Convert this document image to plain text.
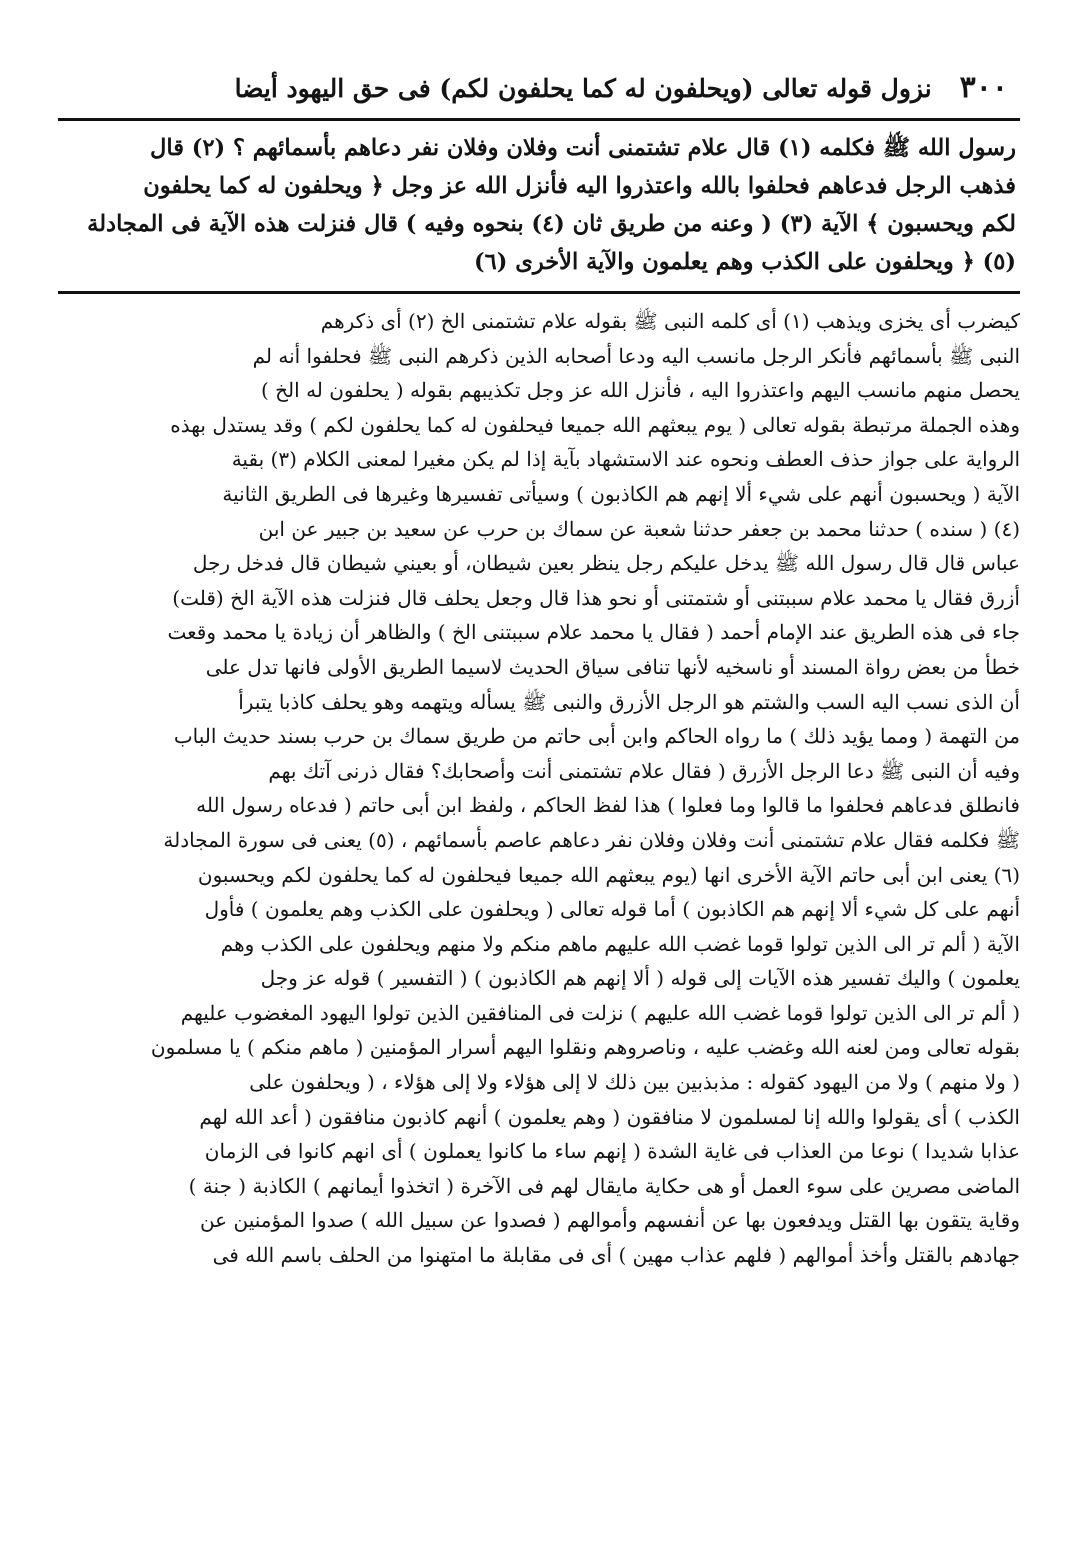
٣٠٠
نزول قوله تعالى (ويحلفون له كما يحلفون لكم) فى حق اليهود أيضا

رسول الله ﷺ فكلمه (١) قال علام تشتمنى أنت وفلان وفلان نفر دعاهم بأسمائهم ؟ (٢) قال

فذهب الرجل فدعاهم فحلفوا بالله واعتذروا اليه فأنزل الله عز وجل ﴿ ويحلفون له كما يحلفون

لكم ويحسبون ﴾ الآية (٣) ( وعنه من طريق ثان (٤) بنحوه وفيه ) قال فنزلت هذه الآية فى المجادلة

(٥) ﴿ ويحلفون على الكذب وهم يعلمون والآية الأخرى (٦)

كيضرب أى يخزى ويذهب (١) أى كلمه النبى ﷺ بقوله علام تشتمنى الخ (٢) أى ذكرهم

النبى ﷺ بأسمائهم فأنكر الرجل مانسب اليه ودعا أصحابه الذين ذكرهم النبى ﷺ فحلفوا أنه لم

يحصل منهم مانسب اليهم واعتذروا اليه ، فأنزل الله عز وجل تكذيبهم بقوله ( يحلفون له الخ )

وهذه الجملة مرتبطة بقوله تعالى ( يوم يبعثهم الله جميعا فيحلفون له كما يحلفون لكم ) وقد يستدل بهذه

الرواية على جواز حذف العطف ونحوه عند الاستشهاد بآية إذا لم يكن مغيرا لمعنى الكلام (٣) بقية

الآية ( ويحسبون أنهم على شيء ألا إنهم هم الكاذبون ) وسيأتى تفسيرها وغيرها فى الطريق الثانية

(٤) ( سنده ) حدثنا محمد بن جعفر حدثنا شعبة عن سماك بن حرب عن سعيد بن جبير عن ابن

عباس قال قال رسول الله ﷺ يدخل عليكم رجل ينظر بعين شيطان، أو بعيني شيطان قال فدخل رجل

أزرق فقال يا محمد علام سببتنى أو شتمتنى أو نحو هذا قال وجعل يحلف قال فنزلت هذه الآية الخ (قلت)

جاء فى هذه الطريق عند الإمام أحمد ( فقال يا محمد علام سببتنى الخ ) والظاهر أن زيادة يا محمد وقعت

خطأ من بعض رواة المسند أو ناسخيه لأنها تنافى سياق الحديث لاسيما الطريق الأولى فانها تدل على

أن الذى نسب اليه السب والشتم هو الرجل الأزرق والنبى ﷺ يسأله ويتهمه وهو يحلف كاذبا يتبرأ

من التهمة ( ومما يؤيد ذلك ) ما رواه الحاكم وابن أبى حاتم من طريق سماك بن حرب بسند حديث الباب

وفيه أن النبى ﷺ دعا الرجل الأزرق ( فقال علام تشتمنى أنت وأصحابك؟ فقال ذرنى آتك بهم

فانطلق فدعاهم فحلفوا ما قالوا وما فعلوا ) هذا لفظ الحاكم ، ولفظ ابن أبى حاتم ( فدعاه رسول الله

ﷺ فكلمه فقال علام تشتمنى أنت وفلان وفلان نفر دعاهم عاصم بأسمائهم ، (٥) يعنى فى سورة المجادلة

(٦) يعنى ابن أبى حاتم الآية الأخرى انها (يوم يبعثهم الله جميعا فيحلفون له كما يحلفون لكم ويحسبون

أنهم على كل شيء ألا إنهم هم الكاذبون ) أما قوله تعالى ( ويحلفون على الكذب وهم يعلمون ) فأول

الآية ( ألم تر الى الذين تولوا قوما غضب الله عليهم ماهم منكم ولا منهم ويحلفون على الكذب وهم

يعلمون ) واليك تفسير هذه الآيات إلى قوله ( ألا إنهم هم الكاذبون ) ( التفسير ) قوله عز وجل

( ألم تر الى الذين تولوا قوما غضب الله عليهم ) نزلت فى المنافقين الذين تولوا اليهود المغضوب عليهم

بقوله تعالى ومن لعنه الله وغضب عليه ، وناصروهم ونقلوا اليهم أسرار المؤمنين ( ماهم منكم ) يا مسلمون

( ولا منهم ) ولا من اليهود كقوله : مذبذبين بين ذلك لا إلى هؤلاء ولا إلى هؤلاء ، ( ويحلفون على

الكذب ) أى يقولوا والله إنا لمسلمون لا منافقون ( وهم يعلمون ) أنهم كاذبون منافقون ( أعد الله لهم

عذابا شديدا ) نوعا من العذاب فى غاية الشدة ( إنهم ساء ما كانوا يعملون ) أى انهم كانوا فى الزمان

الماضى مصرين على سوء العمل أو هى حكاية مايقال لهم فى الآخرة ( اتخذوا أيمانهم ) الكاذبة ( جنة )

وقاية يتقون بها القتل ويدفعون بها عن أنفسهم وأموالهم ( فصدوا عن سبيل الله ) صدوا المؤمنين عن

جهادهم بالقتل وأخذ أموالهم ( فلهم عذاب مهين ) أى فى مقابلة ما امتهنوا من الحلف باسم الله فى
